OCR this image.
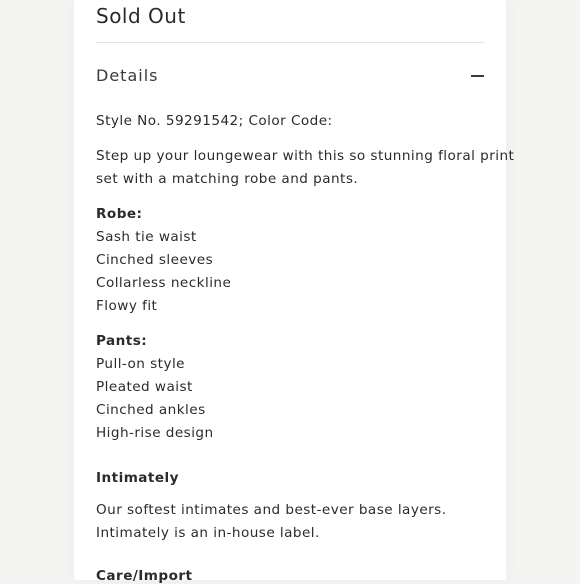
Sold Out
Details
Style No. 59291542; Color Code:
Step up your loungewear with this so stunning floral print
set with a matching robe and pants.
Robe:
Sash tie waist
Cinched sleeves
Collarless neckline
Flowy fit
Pants:
Pull-on style
Pleated waist
Cinched ankles
High-rise design
Intimately
Our softest intimates and best-ever base layers.
Intimately is an in-house label.
Care/Import
